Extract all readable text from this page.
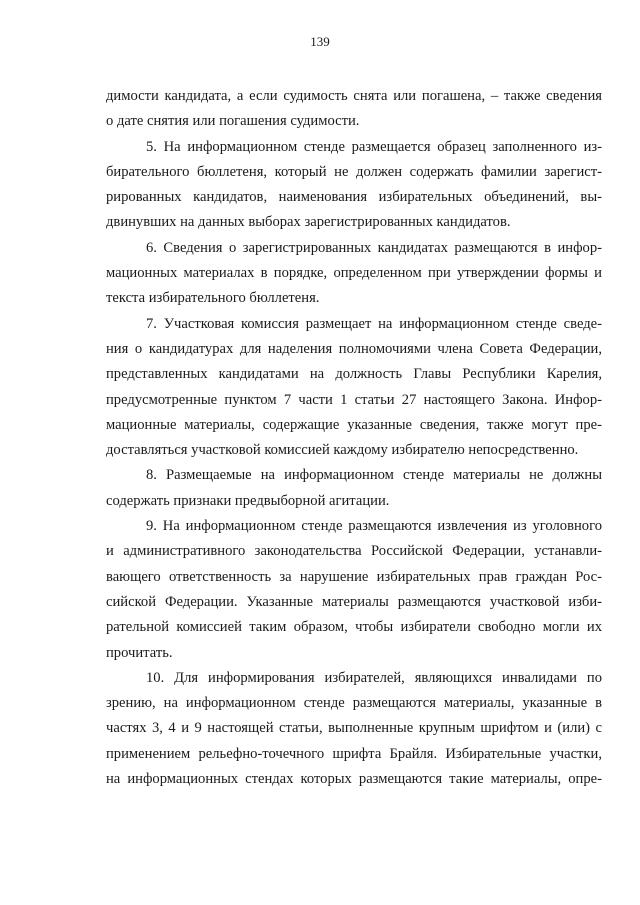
139
димости кандидата, а если судимость снята или погашена, – также сведения
о дате снятия или погашения судимости.
5. На информационном стенде размещается образец заполненного из-
бирательного бюллетеня, который не должен содержать фамилии зарегист-
рированных кандидатов, наименования избирательных объединений, вы-
двинувших на данных выборах зарегистрированных кандидатов.
6. Сведения о зарегистрированных кандидатах размещаются в инфор-
мационных материалах в порядке, определенном при утверждении формы и
текста избирательного бюллетеня.
7. Участковая комиссия размещает на информационном стенде сведе-
ния о кандидатурах для наделения полномочиями члена Совета Федерации,
представленных кандидатами на должность Главы Республики Карелия,
предусмотренные пунктом 7 части 1 статьи 27 настоящего Закона. Инфор-
мационные материалы, содержащие указанные сведения, также могут пре-
доставляться участковой комиссией каждому избирателю непосредственно.
8. Размещаемые на информационном стенде материалы не должны
содержать признаки предвыборной агитации.
9. На информационном стенде размещаются извлечения из уголовного
и административного законодательства Российской Федерации, устанавли-
вающего ответственность за нарушение избирательных прав граждан Рос-
сийской Федерации. Указанные материалы размещаются участковой изби-
рательной комиссией таким образом, чтобы избиратели свободно могли их
прочитать.
10. Для информирования избирателей, являющихся инвалидами по
зрению, на информационном стенде размещаются материалы, указанные в
частях 3, 4 и 9 настоящей статьи, выполненные крупным шрифтом и (или) с
применением рельефно-точечного шрифта Брайля. Избирательные участки,
на информационных стендах которых размещаются такие материалы, опре-
